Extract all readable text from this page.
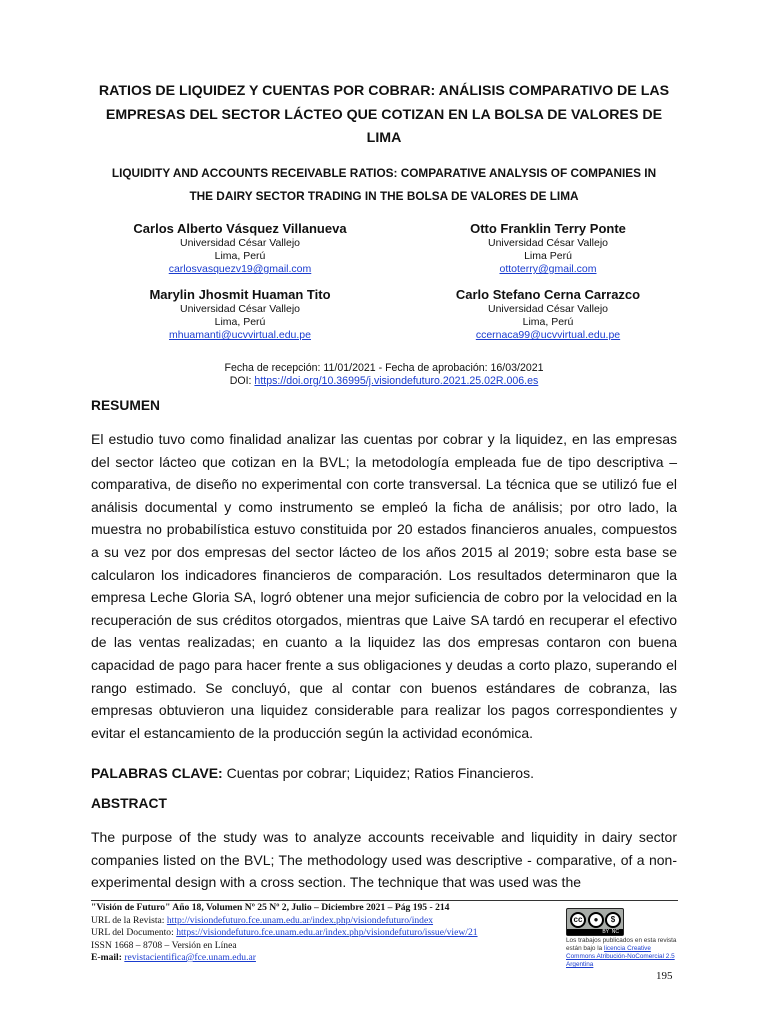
RATIOS DE LIQUIDEZ Y CUENTAS POR COBRAR: ANÁLISIS COMPARATIVO DE LAS EMPRESAS DEL SECTOR LÁCTEO QUE COTIZAN EN LA BOLSA DE VALORES DE LIMA
LIQUIDITY AND ACCOUNTS RECEIVABLE RATIOS: COMPARATIVE ANALYSIS OF COMPANIES IN THE DAIRY SECTOR TRADING IN THE BOLSA DE VALORES DE LIMA
Carlos Alberto Vásquez Villanueva
Universidad César Vallejo
Lima, Perú
carlosvasquezv19@gmail.com
Otto Franklin Terry Ponte
Universidad César Vallejo
Lima Perú
ottoterry@gmail.com
Marylin Jhosmit Huaman Tito
Universidad César Vallejo
Lima, Perú
mhuamanti@ucvvirtual.edu.pe
Carlo Stefano Cerna Carrazco
Universidad César Vallejo
Lima, Perú
ccernaca99@ucvvirtual.edu.pe
Fecha de recepción: 11/01/2021 - Fecha de aprobación: 16/03/2021
DOI: https://doi.org/10.36995/j.visiondefuturo.2021.25.02R.006.es
RESUMEN
El estudio tuvo como finalidad analizar las cuentas por cobrar y la liquidez, en las empresas del sector lácteo que cotizan en la BVL; la metodología empleada fue de tipo descriptiva – comparativa, de diseño no experimental con corte transversal. La técnica que se utilizó fue el análisis documental y como instrumento se empleó la ficha de análisis; por otro lado, la muestra no probabilística estuvo constituida por 20 estados financieros anuales, compuestos a su vez por dos empresas del sector lácteo de los años 2015 al 2019; sobre esta base se calcularon los indicadores financieros de comparación. Los resultados determinaron que la empresa Leche Gloria SA, logró obtener una mejor suficiencia de cobro por la velocidad en la recuperación de sus créditos otorgados, mientras que Laive SA tardó en recuperar el efectivo de las ventas realizadas; en cuanto a la liquidez las dos empresas contaron con buena capacidad de pago para hacer frente a sus obligaciones y deudas a corto plazo, superando el rango estimado. Se concluyó, que al contar con buenos estándares de cobranza, las empresas obtuvieron una liquidez considerable para realizar los pagos correspondientes y evitar el estancamiento de la producción según la actividad económica.
PALABRAS CLAVE: Cuentas por cobrar; Liquidez; Ratios Financieros.
ABSTRACT
The purpose of the study was to analyze accounts receivable and liquidity in dairy sector companies listed on the BVL; The methodology used was descriptive - comparative, of a non-experimental design with a cross section. The technique that was used was the
"Visión de Futuro" Año 18, Volumen Nº 25 Nº 2, Julio – Diciembre 2021 – Pág 195 - 214
URL de la Revista: http://visiondefuturo.fce.unam.edu.ar/index.php/visiondefuturo/index
URL del Documento: https://visiondefuturo.fce.unam.edu.ar/index.php/visiondefuturo/issue/view/21
ISSN 1668 – 8708 – Versión en Línea
E-mail: revistacientifica@fce.unam.edu.ar
cc	●	$
BY NC
Los trabajos publicados en esta revista están bajo la licencia Creative Commons Atribución-NoComercial 2.5 Argentina
195
